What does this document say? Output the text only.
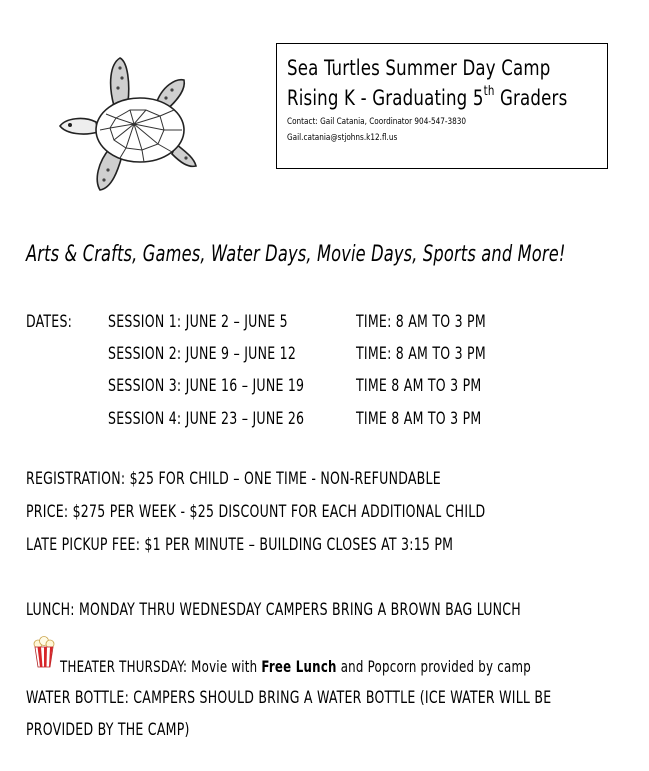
Sea Turtles Summer Day Camp
Rising K - Graduating 5th Graders
Contact: Gail Catania, Coordinator 904-547-3830
Gail.catania@stjohns.k12.fl.us
Arts & Crafts, Games, Water Days, Movie Days, Sports and More!
DATES: SESSION 1: JUNE 2 – JUNE 5	TIME: 8 AM TO 3 PM
SESSION 2: JUNE 9 – JUNE 12	TIME: 8 AM TO 3 PM
SESSION 3: JUNE 16 – JUNE 19	TIME 8 AM TO 3 PM
SESSION 4: JUNE 23 – JUNE 26	TIME 8 AM TO 3 PM
REGISTRATION: $25 FOR CHILD – ONE TIME - NON-REFUNDABLE
PRICE: $275 PER WEEK - $25 DISCOUNT FOR EACH ADDITIONAL CHILD
LATE PICKUP FEE: $1 PER MINUTE – BUILDING CLOSES AT 3:15 PM
LUNCH: MONDAY THRU WEDNESDAY CAMPERS BRING A BROWN BAG LUNCH
THEATER THURSDAY: Movie with Free Lunch and Popcorn provided by camp
WATER BOTTLE: CAMPERS SHOULD BRING A WATER BOTTLE (ICE WATER WILL BE
PROVIDED BY THE CAMP)
